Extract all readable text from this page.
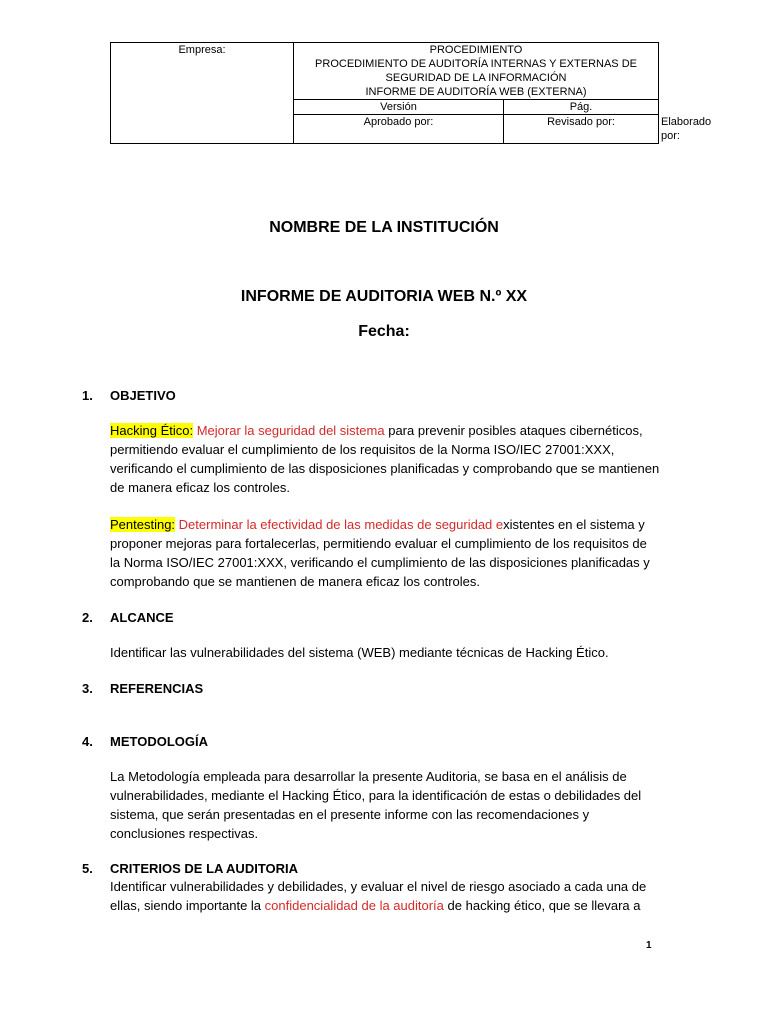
Empresa:	PROCEDIMIENTO
PROCEDIMIENTO DE AUDITORÍA INTERNAS Y EXTERNAS DE
SEGURIDAD DE LA INFORMACIÓN
INFORME DE AUDITORÍA WEB (EXTERNA)		

	Versión	Pág.	
	Aprobado por:	Revisado por:	Elaborado por:
NOMBRE DE LA INSTITUCIÓN
INFORME DE AUDITORIA WEB N.º XX
Fecha:
1. OBJETIVO
Hacking Ético: Mejorar la seguridad del sistema para prevenir posibles ataques cibernéticos, permitiendo evaluar el cumplimiento de los requisitos de la Norma ISO/IEC 27001:XXX, verificando el cumplimiento de las disposiciones planificadas y comprobando que se mantienen de manera eficaz los controles.
Pentesting: Determinar la efectividad de las medidas de seguridad existentes en el sistema y proponer mejoras para fortalecerlas, permitiendo evaluar el cumplimiento de los requisitos de la Norma ISO/IEC 27001:XXX, verificando el cumplimiento de las disposiciones planificadas y comprobando que se mantienen de manera eficaz los controles.
2. ALCANCE
Identificar las vulnerabilidades del sistema (WEB) mediante técnicas de Hacking Ético.
3. REFERENCIAS
4. METODOLOGÍA
La Metodología empleada para desarrollar la presente Auditoria, se basa en el análisis de vulnerabilidades, mediante el Hacking Ético, para la identificación de estas o debilidades del sistema, que serán presentadas en el presente informe con las recomendaciones y conclusiones respectivas.
5. CRITERIOS DE LA AUDITORIA
Identificar vulnerabilidades y debilidades, y evaluar el nivel de riesgo asociado a cada una de ellas, siendo importante la confidencialidad de la auditoría de hacking ético, que se llevara a
1
